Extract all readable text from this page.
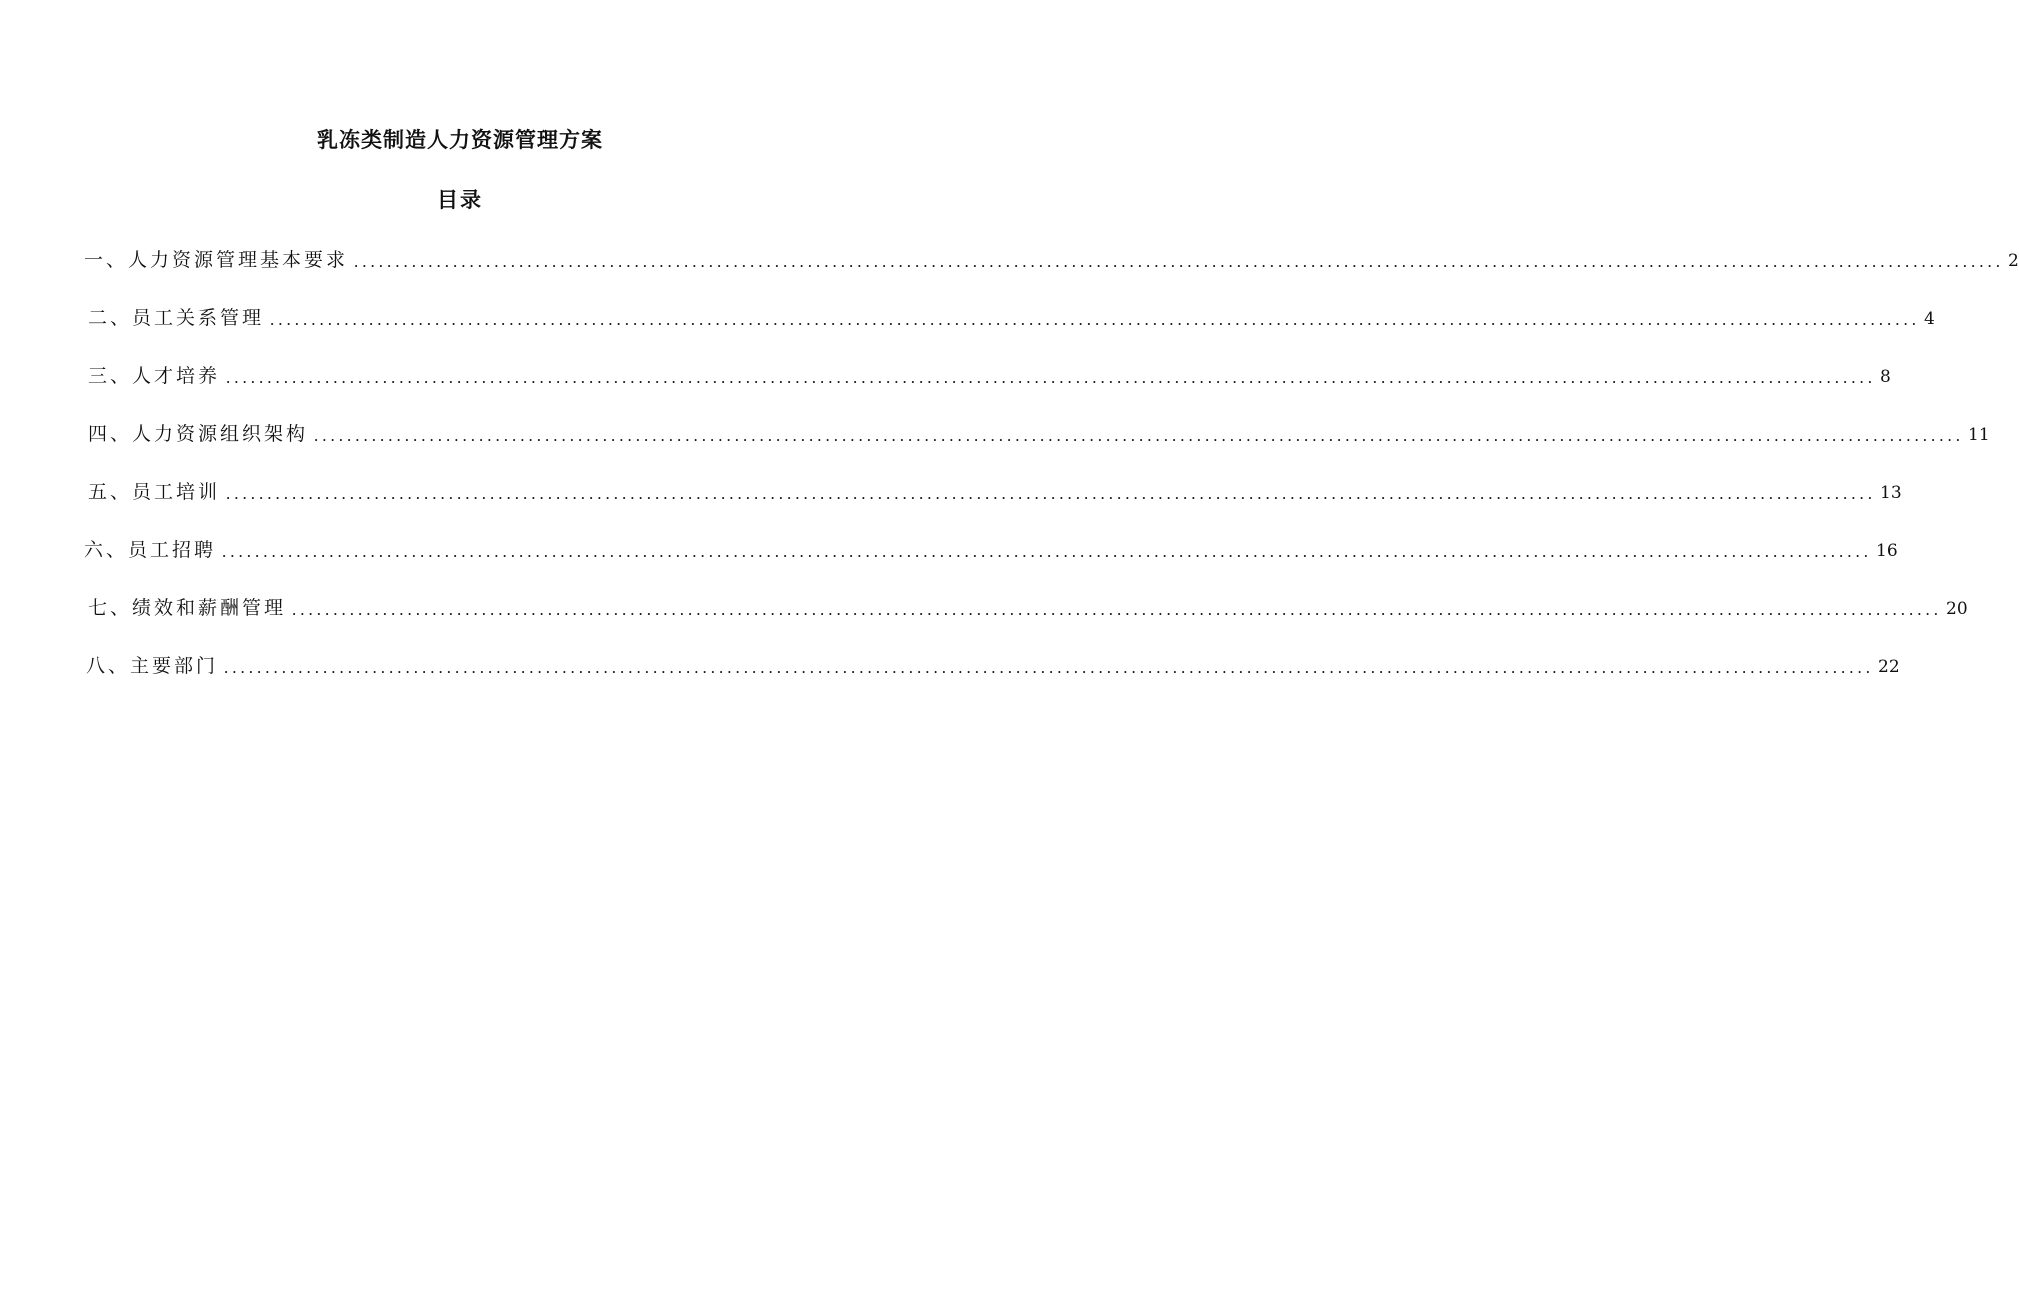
乳冻类制造人力资源管理方案
目录
一、人力资源管理基本要求 ........................................................................................................................................................................................................ 2
二、员工关系管理 ........................................................................................................................................................................................................ 4
三、人才培养 ........................................................................................................................................................................................................ 8
四、人力资源组织架构 ........................................................................................................................................................................................................ 11
五、员工培训 ........................................................................................................................................................................................................ 13
六、员工招聘 ........................................................................................................................................................................................................ 16
七、绩效和薪酬管理 ........................................................................................................................................................................................................ 20
八、主要部门 ........................................................................................................................................................................................................ 22
